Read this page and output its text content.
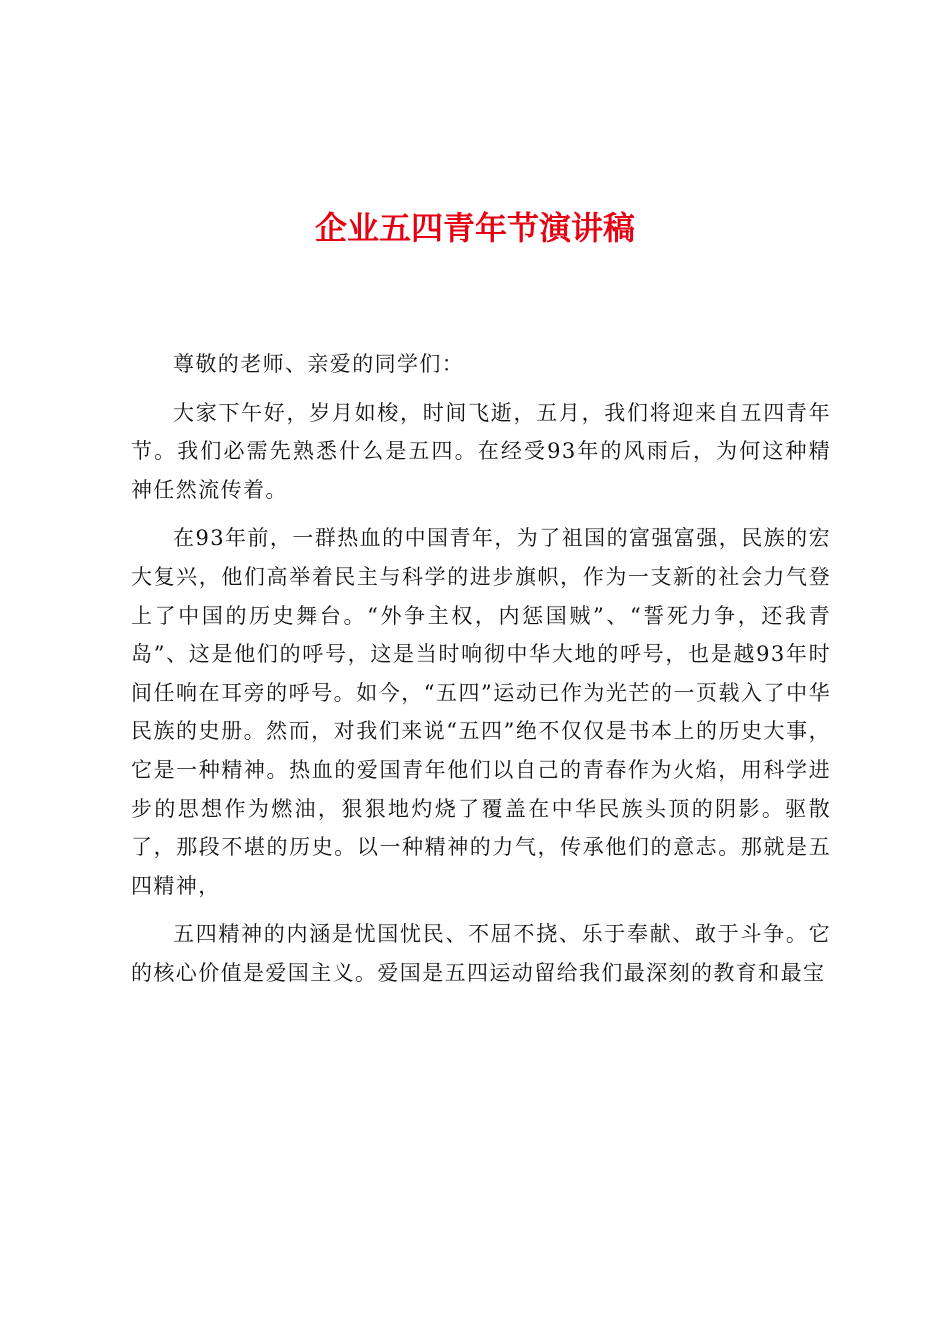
企业五四青年节演讲稿

尊敬的老师、亲爱的同学们：

大家下午好，岁月如梭，时间飞逝，五月，我们将迎来自五四青年节。我们必需先熟悉什么是五四。在经受93年的风雨后，为何这种精神任然流传着。

在93年前，一群热血的中国青年，为了祖国的富强富强，民族的宏大复兴，他们高举着民主与科学的进步旗帜，作为一支新的社会力气登上了中国的历史舞台。“外争主权，内惩国贼”、“誓死力争，还我青岛”、这是他们的呼号，这是当时响彻中华大地的呼号，也是越93年时间任响在耳旁的呼号。如今，“五四”运动已作为光芒的一页载入了中华民族的史册。然而，对我们来说“五四”绝不仅仅是书本上的历史大事，它是一种精神。热血的爱国青年他们以自己的青春作为火焰，用科学进步的思想作为燃油，狠狠地灼烧了覆盖在中华民族头顶的阴影。驱散了，那段不堪的历史。以一种精神的力气，传承他们的意志。那就是五四精神，

五四精神的内涵是忧国忧民、不屈不挠、乐于奉献、敢于斗争。它的核心价值是爱国主义。爱国是五四运动留给我们最深刻的教育和最宝
